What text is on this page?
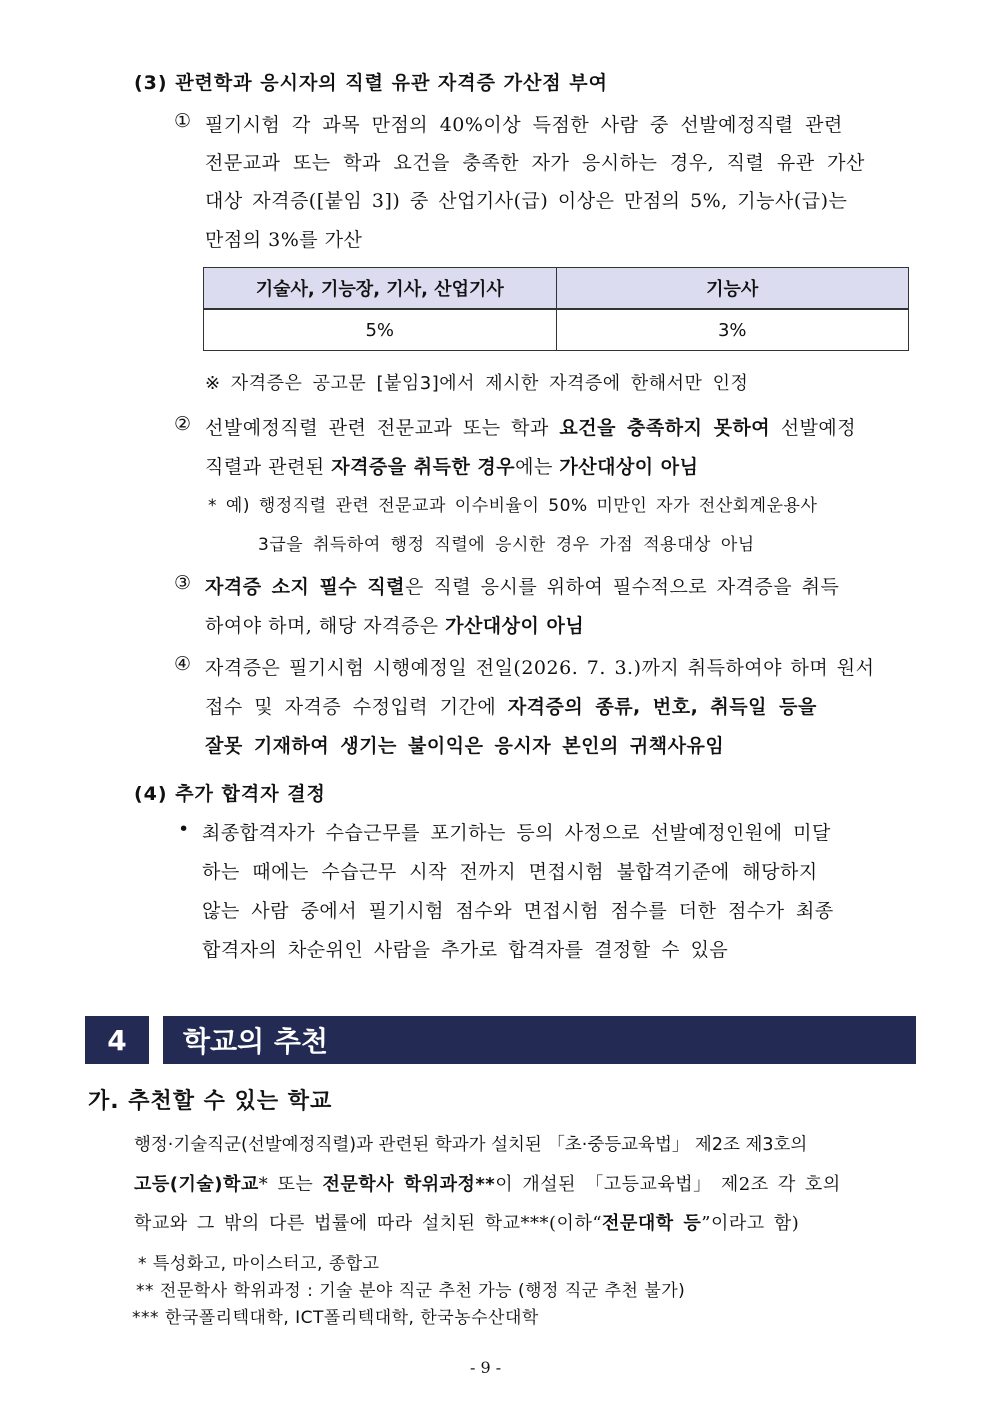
(3) 관련학과 응시자의 직렬 유관 자격증 가산점 부여
① 필기시험 각 과목 만점의 40%이상 득점한 사람 중 선발예정직렬 관련
전문교과 또는 학과 요건을 충족한 자가 응시하는 경우, 직렬 유관 가산
대상 자격증([붙임 3]) 중 산업기사(급) 이상은 만점의 5%, 기능사(급)는
만점의 3%를 가산
기술사, 기능장, 기사, 산업기사	기능사
5%	3%
※ 자격증은 공고문 [붙임3]에서 제시한 자격증에 한해서만 인정
② 선발예정직렬 관련 전문교과 또는 학과 요건을 충족하지 못하여 선발예정
직렬과 관련된 자격증을 취득한 경우에는 가산대상이 아님
* 예) 행정직렬 관련 전문교과 이수비율이 50% 미만인 자가 전산회계운용사
3급을 취득하여 행정 직렬에 응시한 경우 가점 적용대상 아님
③ 자격증 소지 필수 직렬은 직렬 응시를 위하여 필수적으로 자격증을 취득
하여야 하며, 해당 자격증은 가산대상이 아님
④ 자격증은 필기시험 시행예정일 전일(2026. 7. 3.)까지 취득하여야 하며 원서
접수 및 자격증 수정입력 기간에 자격증의 종류, 번호, 취득일 등을
잘못 기재하여 생기는 불이익은 응시자 본인의 귀책사유임
(4) 추가 합격자 결정
• 최종합격자가 수습근무를 포기하는 등의 사정으로 선발예정인원에 미달
하는 때에는 수습근무 시작 전까지 면접시험 불합격기준에 해당하지
않는 사람 중에서 필기시험 점수와 면접시험 점수를 더한 점수가 최종
합격자의 차순위인 사람을 추가로 합격자를 결정할 수 있음
4 학교의 추천
가. 추천할 수 있는 학교
행정·기술직군(선발예정직렬)과 관련된 학과가 설치된 「초·중등교육법」 제2조 제3호의
고등(기술)학교* 또는 전문학사 학위과정**이 개설된 「고등교육법」 제2조 각 호의
학교와 그 밖의 다른 법률에 따라 설치된 학교***(이하“전문대학 등”이라고 함)
* 특성화고, 마이스터고, 종합고
** 전문학사 학위과정 : 기술 분야 직군 추천 가능 (행정 직군 추천 불가)
*** 한국폴리텍대학, ICT폴리텍대학, 한국농수산대학
- 9 -
